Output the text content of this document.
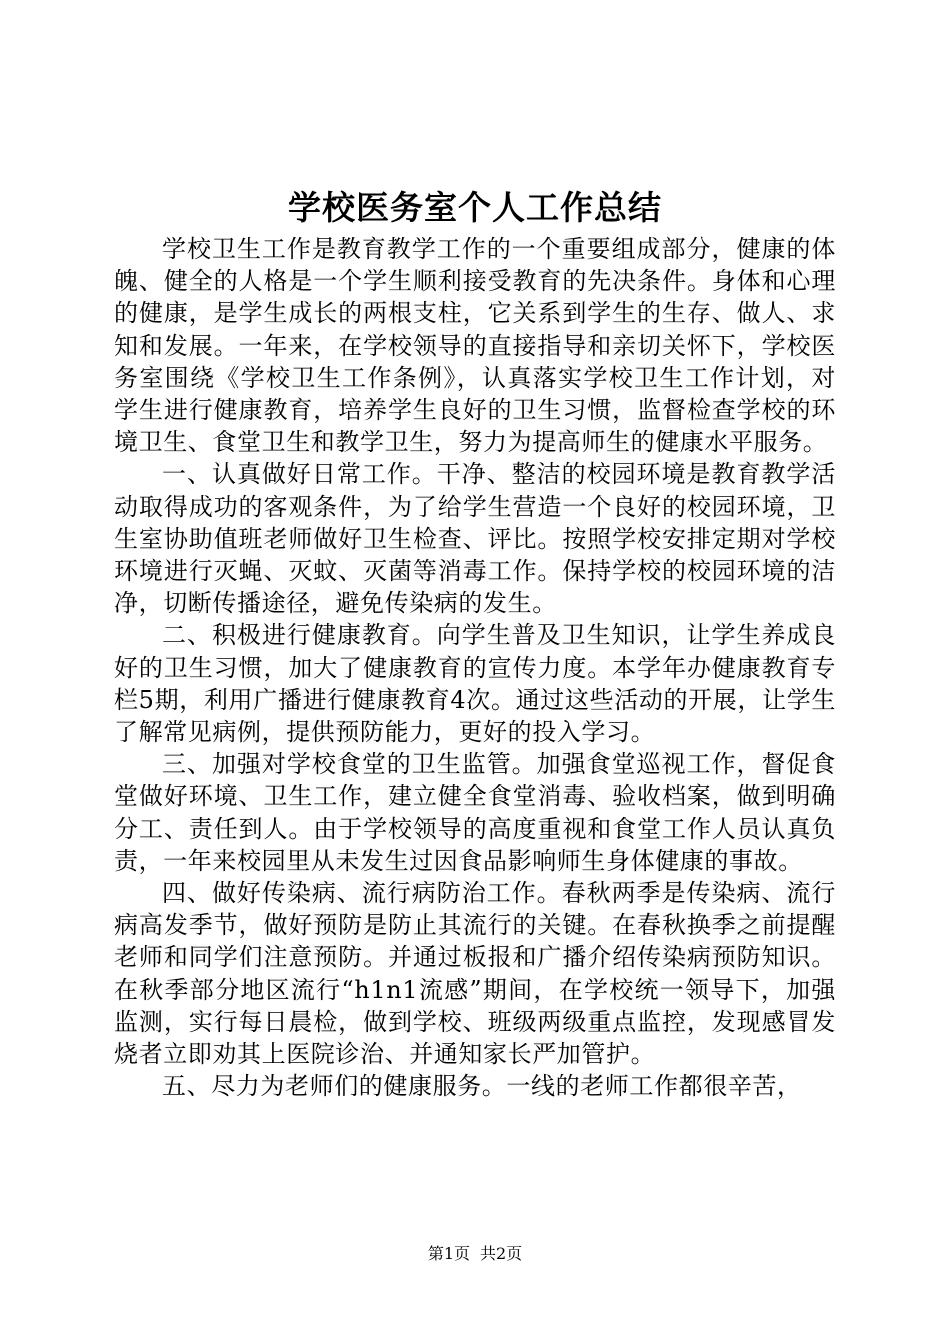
学校医务室个人工作总结

学校卫生工作是教育教学工作的一个重要组成部分，健康的体魄、健全的人格是一个学生顺利接受教育的先决条件。身体和心理的健康，是学生成长的两根支柱，它关系到学生的生存、做人、求知和发展。一年来，在学校领导的直接指导和亲切关怀下，学校医务室围绕《学校卫生工作条例》，认真落实学校卫生工作计划，对学生进行健康教育，培养学生良好的卫生习惯，监督检查学校的环境卫生、食堂卫生和教学卫生，努力为提高师生的健康水平服务。

一、认真做好日常工作。干净、整洁的校园环境是教育教学活动取得成功的客观条件，为了给学生营造一个良好的校园环境，卫生室协助值班老师做好卫生检查、评比。按照学校安排定期对学校环境进行灭蝇、灭蚊、灭菌等消毒工作。保持学校的校园环境的洁净，切断传播途径，避免传染病的发生。

二、积极进行健康教育。向学生普及卫生知识，让学生养成良好的卫生习惯，加大了健康教育的宣传力度。本学年办健康教育专栏5期，利用广播进行健康教育4次。通过这些活动的开展，让学生了解常见病例，提供预防能力，更好的投入学习。

三、加强对学校食堂的卫生监管。加强食堂巡视工作，督促食堂做好环境、卫生工作，建立健全食堂消毒、验收档案，做到明确分工、责任到人。由于学校领导的高度重视和食堂工作人员认真负责，一年来校园里从未发生过因食品影响师生身体健康的事故。

四、做好传染病、流行病防治工作。春秋两季是传染病、流行病高发季节，做好预防是防止其流行的关键。在春秋换季之前提醒老师和同学们注意预防。并通过板报和广播介绍传染病预防知识。在秋季部分地区流行“h1n1流感”期间，在学校统一领导下，加强监测，实行每日晨检，做到学校、班级两级重点监控，发现感冒发烧者立即劝其上医院诊治、并通知家长严加管护。

五、尽力为老师们的健康服务。一线的老师工作都很辛苦，

第1页 共2页
